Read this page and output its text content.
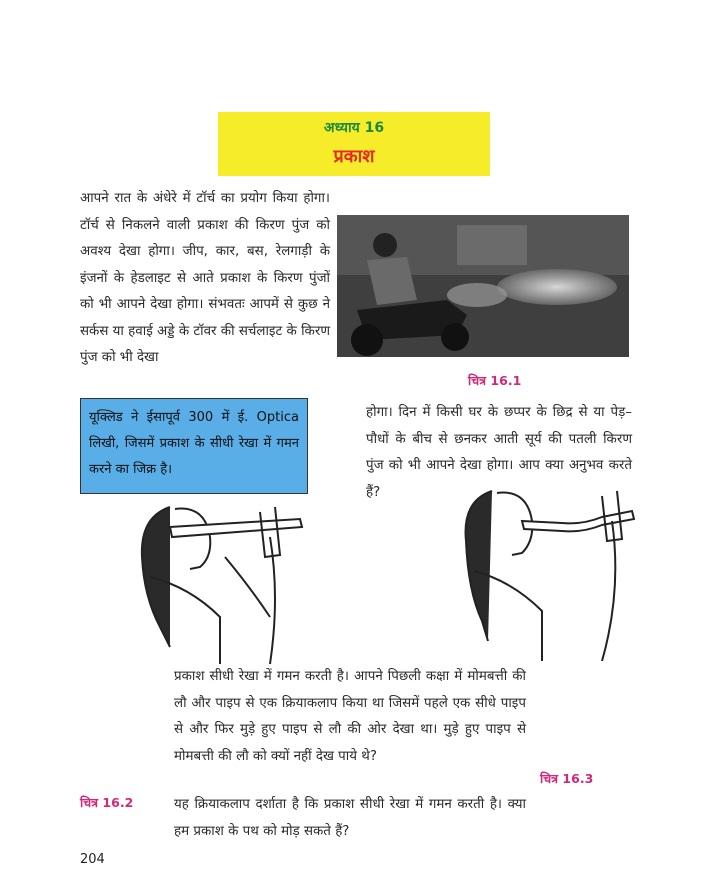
अध्याय 16
प्रकाश
आपने रात के अंधेरे में टॉर्च का प्रयोग किया होगा। टॉर्च से निकलने वाली प्रकाश की किरण पुंज को अवश्य देखा होगा। जीप, कार, बस, रेलगाड़ी के इंजनों के हेडलाइट से आते प्रकाश के किरण पुंजों को भी आपने देखा होगा। संभवतः आपमें से कुछ ने सर्कस या हवाई अड्डे के टॉवर की सर्चलाइट के किरण पुंज को भी देखा
चित्र 16.1
यूक्लिड ने ईसापूर्व 300 में ई. Optica लिखी, जिसमें प्रकाश के सीधी रेखा में गमन करने का जिक्र है।
होगा। दिन में किसी घर के छप्पर के छिद्र से या पेड़–पौधों के बीच से छनकर आती सूर्य की पतली किरण पुंज को भी आपने देखा होगा। आप क्या अनुभव करते हैं?
चित्र 16.2
चित्र 16.3
प्रकाश सीधी रेखा में गमन करती है। आपने पिछली कक्षा में मोमबत्ती की लौ और पाइप से एक क्रियाकलाप किया था जिसमें पहले एक सीधे पाइप से और फिर मुड़े हुए पाइप से लौ की ओर देखा था। मुड़े हुए पाइप से मोमबत्ती की लौ को क्यों नहीं देख पाये थे?
यह क्रियाकलाप दर्शाता है कि प्रकाश सीधी रेखा में गमन करती है। क्या हम प्रकाश के पथ को मोड़ सकते हैं?
204
